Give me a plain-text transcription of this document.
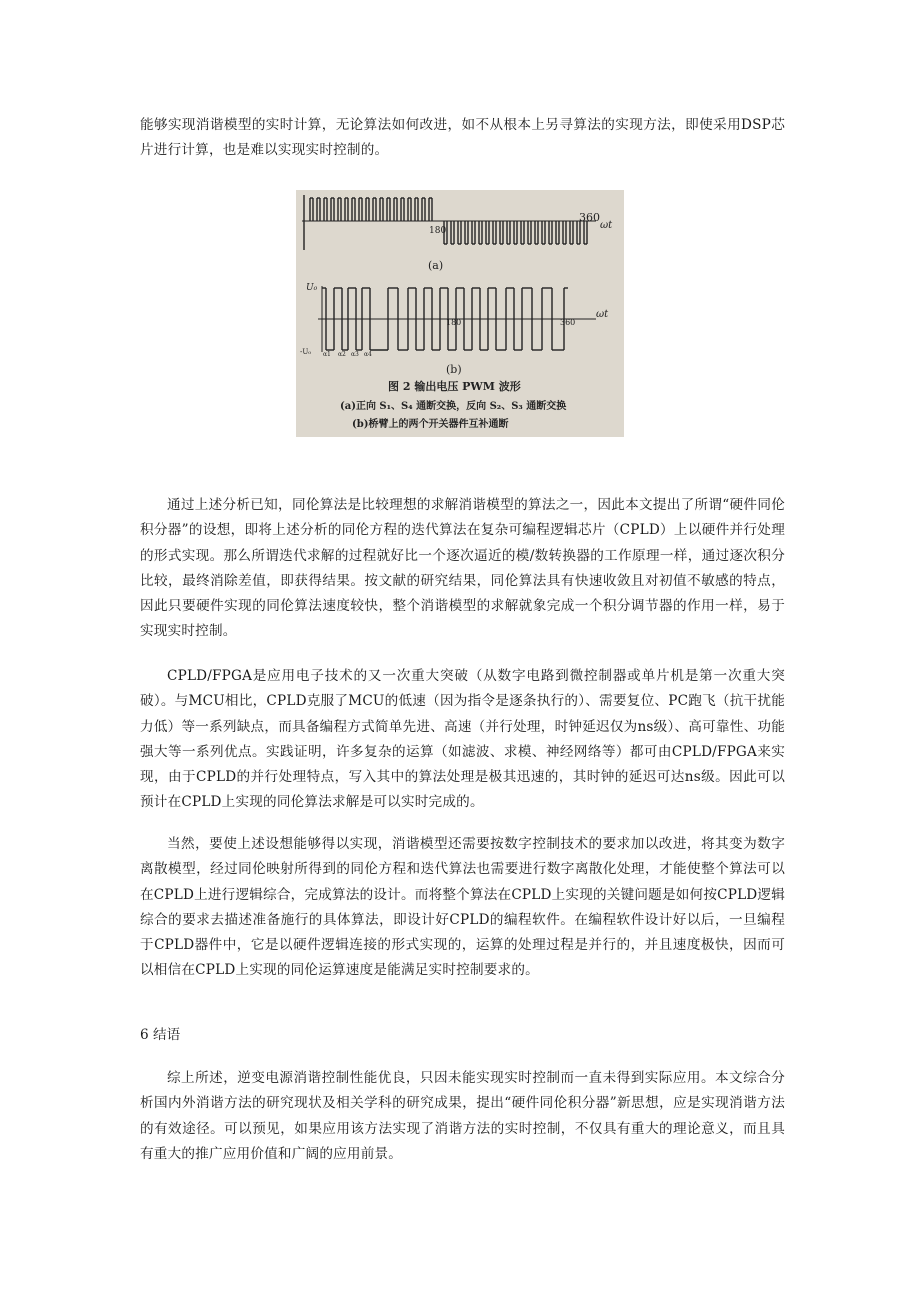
能够实现消谐模型的实时计算，无论算法如何改进，如不从根本上另寻算法的实现方法，即使采用DSP芯片进行计算，也是难以实现实时控制的。

180
360
ωt
(a)
U₀
-U₀
180	360
ωt
α1 α2 α3 α4
(b)
图 2 输出电压 PWM 波形
(a)正向 S₁、S₄ 通断交换，反向 S₂、S₃ 通断交换
(b)桥臂上的两个开关器件互补通断

通过上述分析已知，同伦算法是比较理想的求解消谐模型的算法之一，因此本文提出了所谓“硬件同伦积分器”的设想，即将上述分析的同伦方程的迭代算法在复杂可编程逻辑芯片（CPLD）上以硬件并行处理的形式实现。那么所谓迭代求解的过程就好比一个逐次逼近的模/数转换器的工作原理一样，通过逐次积分比较，最终消除差值，即获得结果。按文献的研究结果，同伦算法具有快速收敛且对初值不敏感的特点，因此只要硬件实现的同伦算法速度较快，整个消谐模型的求解就象完成一个积分调节器的作用一样，易于实现实时控制。

CPLD/FPGA是应用电子技术的又一次重大突破（从数字电路到微控制器或单片机是第一次重大突破）。与MCU相比，CPLD克服了MCU的低速（因为指令是逐条执行的）、需要复位、PC跑飞（抗干扰能力低）等一系列缺点，而具备编程方式简单先进、高速（并行处理，时钟延迟仅为ns级）、高可靠性、功能强大等一系列优点。实践证明，许多复杂的运算（如滤波、求模、神经网络等）都可由CPLD/FPGA来实现，由于CPLD的并行处理特点，写入其中的算法处理是极其迅速的，其时钟的延迟可达ns级。因此可以预计在CPLD上实现的同伦算法求解是可以实时完成的。

当然，要使上述设想能够得以实现，消谐模型还需要按数字控制技术的要求加以改进，将其变为数字离散模型，经过同伦映射所得到的同伦方程和迭代算法也需要进行数字离散化处理，才能使整个算法可以在CPLD上进行逻辑综合，完成算法的设计。而将整个算法在CPLD上实现的关键问题是如何按CPLD逻辑综合的要求去描述准备施行的具体算法，即设计好CPLD的编程软件。在编程软件设计好以后，一旦编程于CPLD器件中，它是以硬件逻辑连接的形式实现的，运算的处理过程是并行的，并且速度极快，因而可以相信在CPLD上实现的同伦运算速度是能满足实时控制要求的。

6 结语

综上所述，逆变电源消谐控制性能优良，只因未能实现实时控制而一直未得到实际应用。本文综合分析国内外消谐方法的研究现状及相关学科的研究成果，提出“硬件同伦积分器”新思想，应是实现消谐方法的有效途径。可以预见，如果应用该方法实现了消谐方法的实时控制，不仅具有重大的理论意义，而且具有重大的推广应用价值和广阔的应用前景。
